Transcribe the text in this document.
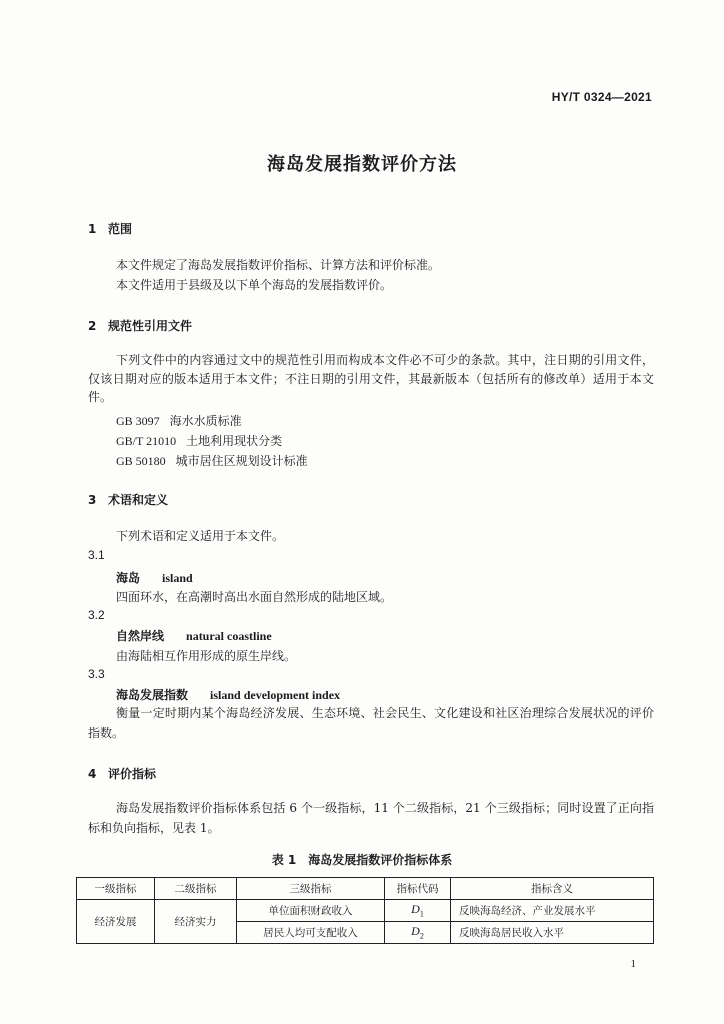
HY/T 0324—2021
海岛发展指数评价方法
1 范围
本文件规定了海岛发展指数评价指标、计算方法和评价标准。
本文件适用于县级及以下单个海岛的发展指数评价。
2 规范性引用文件
下列文件中的内容通过文中的规范性引用而构成本文件必不可少的条款。其中，注日期的引用文件，仅该日期对应的版本适用于本文件；不注日期的引用文件，其最新版本（包括所有的修改单）适用于本文件。
GB 3097 海水水质标准
GB/T 21010 土地利用现状分类
GB 50180 城市居住区规划设计标准
3 术语和定义
下列术语和定义适用于本文件。
3.1
海岛 island
四面环水，在高潮时高出水面自然形成的陆地区域。
3.2
自然岸线 natural coastline
由海陆相互作用形成的原生岸线。
3.3
海岛发展指数 island development index
衡量一定时期内某个海岛经济发展、生态环境、社会民生、文化建设和社区治理综合发展状况的评价指数。
4 评价指标
海岛发展指数评价指标体系包括 6 个一级指标，11 个二级指标，21 个三级指标；同时设置了正向指标和负向指标，见表 1。
表 1　海岛发展指数评价指标体系
一级指标	二级指标	三级指标	指标代码	指标含义
经济发展	经济实力	单位面积财政收入	$D_1$	反映海岛经济、产业发展水平
		居民人均可支配收入	$D_2$	反映海岛居民收入水平
1
